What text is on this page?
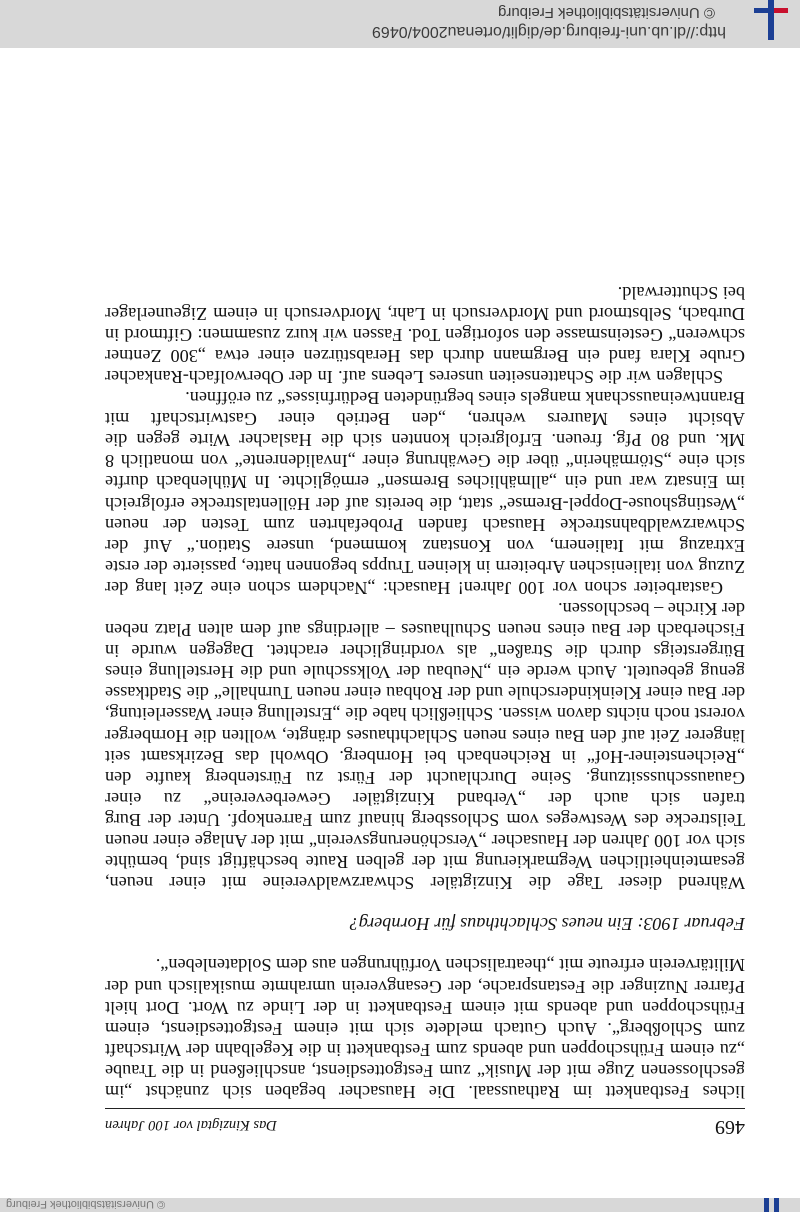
© Universitätsbibliothek Freiburg
http://dl.ub.uni-freiburg.de/diglit/ortenau2004/0469
469
Das Kinzigtal vor 100 Jahren

liches Festbankett im Rathaussaal. Die Hausacher begaben sich zunächst „im geschlossenen Zuge mit der Musik“ zum Festgottesdienst, anschließend in die Traube „zu einem Frühschoppen und abends zum Festbankett in die Kegelbahn der Wirtschaft zum Schloßberg“. Auch Gutach meldete sich mit einem Festgottesdienst, einem Frühschoppen und abends mit einem Festbankett in der Linde zu Wort. Dort hielt Pfarrer Nuzinger die Festansprache, der Gesangverein umrahmte musikalisch und der Militärverein erfreute mit „theatralischen Vorführungen aus dem Soldatenleben“.

Februar 1903: Ein neues Schlachthaus für Hornberg?

Während dieser Tage die Kinzigtäler Schwarzwaldvereine mit einer neuen, gesamteinheitlichen Wegmarkierung mit der gelben Raute beschäftigt sind, bemühte sich vor 100 Jahren der Hausacher „Verschönerungsverein“ mit der Anlage einer neuen Teilstrecke des Westweges vom Schlossberg hinauf zum Farrenkopf. Unter der Burg trafen sich auch der „Verband Kinzigtäler Gewerbevereine“ zu einer Gauausschusssitzung. Seine Durchlaucht der Fürst zu Fürstenberg kaufte den „Reichensteiner-Hof“ in Reichenbach bei Hornberg. Obwohl das Bezirksamt seit längerer Zeit auf den Bau eines neuen Schlachthauses drängte, wollten die Hornberger vorerst noch nichts davon wissen. Schließlich habe die „Erstellung einer Wasserleitung, der Bau einer Kleinkinderschule und der Rohbau einer neuen Turnhalle“ die Stadtkasse genug gebeutelt. Auch werde ein „Neubau der Volksschule und die Herstellung eines Bürgersteigs durch die Straßen“ als vordringlicher erachtet. Dagegen wurde in Fischerbach der Bau eines neuen Schulhauses – allerdings auf dem alten Platz neben der Kirche – beschlossen.

Gastarbeiter schon vor 100 Jahren! Hausach: „Nachdem schon eine Zeit lang der Zuzug von italienischen Arbeitern in kleinen Trupps begonnen hatte, passierte der erste Extrazug mit Italienern, von Konstanz kommend, unsere Station.“ Auf der Schwarzwaldbahnstrecke Hausach fanden Probefahrten zum Testen der neuen „Westingshouse-Doppel-Bremse“ statt, die bereits auf der Höllentalstrecke erfolgreich im Einsatz war und ein „allmähliches Bremsen“ ermöglichte. In Mühlenbach durfte sich eine „Störmäherin“ über die Gewährung einer „Invalidenrente“ von monatlich 8 Mk. und 80 Pfg. freuen. Erfolgreich konnten sich die Haslacher Wirte gegen die Absicht eines Maurers wehren, „den Betrieb einer Gastwirtschaft mit Branntweinausschank mangels eines begründeten Bedürfnisses“ zu eröffnen.

Schlagen wir die Schattenseiten unseres Lebens auf. In der Oberwolfach-Rankacher Grube Klara fand ein Bergmann durch das Herabstürzen einer etwa „300 Zentner schweren“ Gesteinsmasse den sofortigen Tod. Fassen wir kurz zusammen: Giftmord in Durbach, Selbstmord und Mordversuch in Lahr, Mordversuch in einem Zigeunerlager bei Schutterwald.

© Universitätsbibliothek Freiburg
